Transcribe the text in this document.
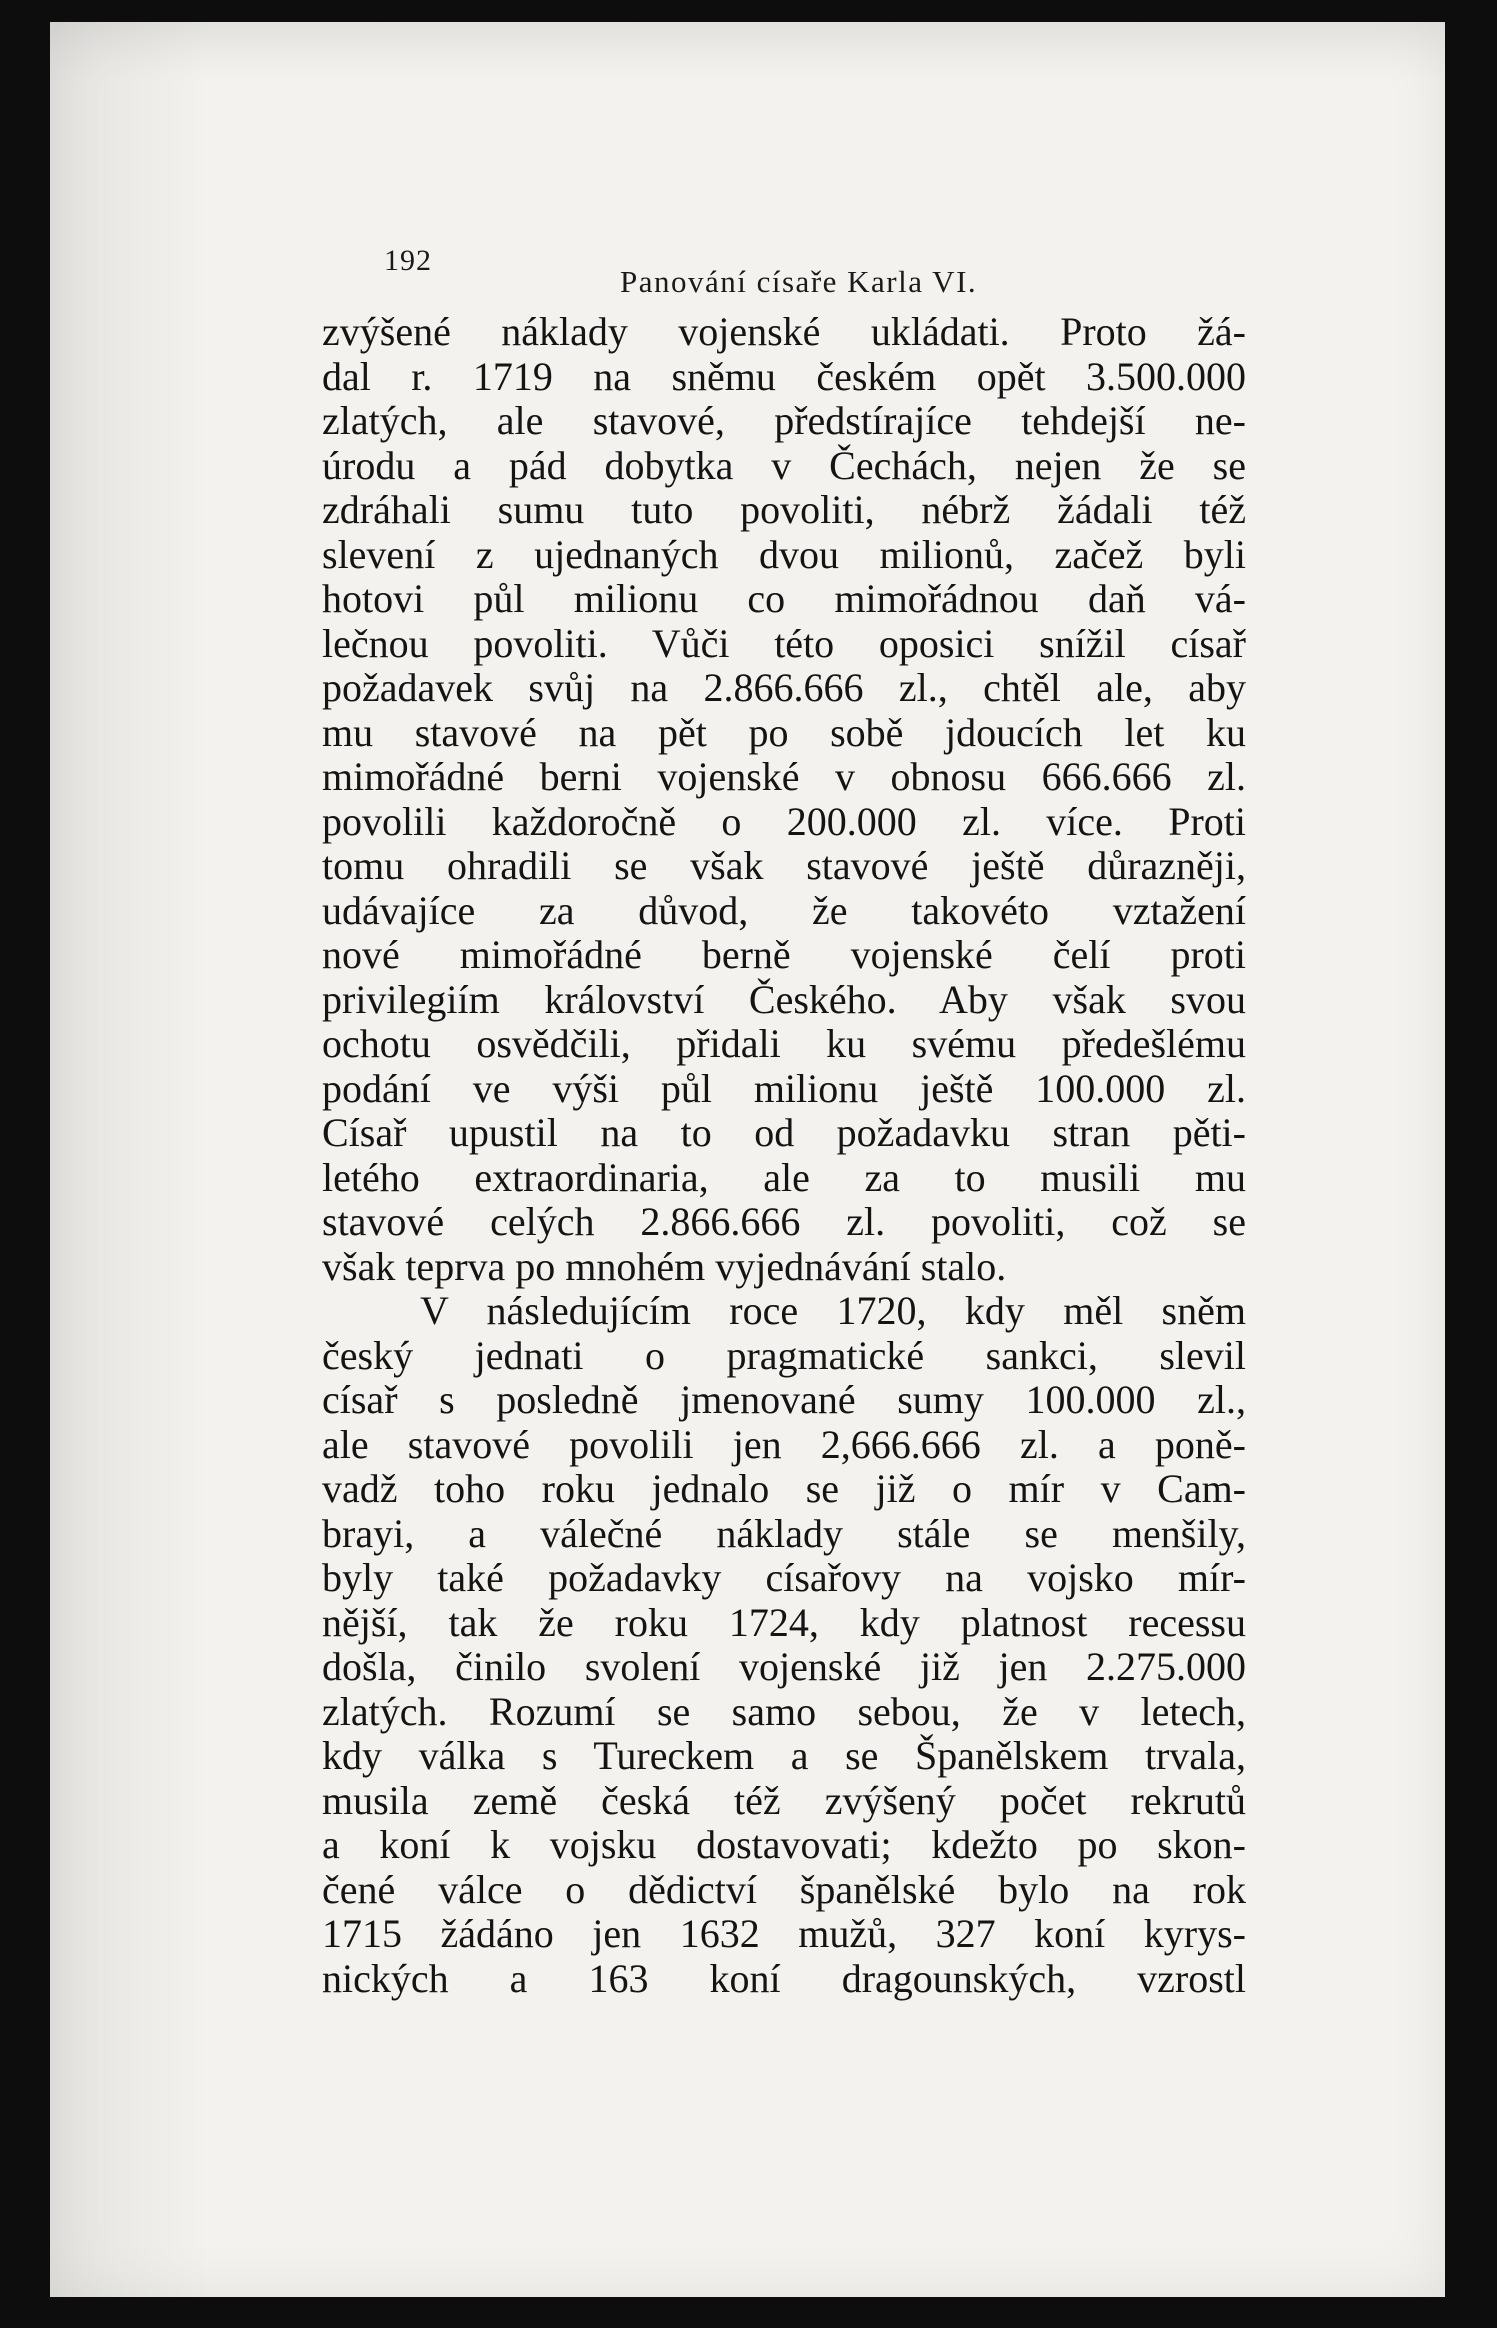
192
Panování císaře Karla VI.
zvýšené náklady vojenské ukládati. Proto žá-
dal r. 1719 na sněmu českém opět 3.500.000
zlatých, ale stavové, předstírajíce tehdejší ne-
úrodu a pád dobytka v Čechách, nejen že se
zdráhali sumu tuto povoliti, nébrž žádali též
slevení z ujednaných dvou milionů, začež byli
hotovi půl milionu co mimořádnou daň vá-
lečnou povoliti. Vůči této oposici snížil císař
požadavek svůj na 2.866.666 zl., chtěl ale, aby
mu stavové na pět po sobě jdoucích let ku
mimořádné berni vojenské v obnosu 666.666 zl.
povolili každoročně o 200.000 zl. více. Proti
tomu ohradili se však stavové ještě důrazněji,
udávajíce za důvod, že takovéto vztažení
nové mimořádné berně vojenské čelí proti
privilegiím království Českého. Aby však svou
ochotu osvědčili, přidali ku svému předešlému
podání ve výši půl milionu ještě 100.000 zl.
Císař upustil na to od požadavku stran pěti-
letého extraordinaria, ale za to musili mu
stavové celých 2.866.666 zl. povoliti, což se
však teprva po mnohém vyjednávání stalo.
V následujícím roce 1720, kdy měl sněm
český jednati o pragmatické sankci, slevil
císař s posledně jmenované sumy 100.000 zl.,
ale stavové povolili jen 2,666.666 zl. a poně-
vadž toho roku jednalo se již o mír v Cam-
brayi, a válečné náklady stále se menšily,
byly také požadavky císařovy na vojsko mír-
nější, tak že roku 1724, kdy platnost recessu
došla, činilo svolení vojenské již jen 2.275.000
zlatých. Rozumí se samo sebou, že v letech,
kdy válka s Tureckem a se Španělskem trvala,
musila země česká též zvýšený počet rekrutů
a koní k vojsku dostavovati; kdežto po skon-
čené válce o dědictví španělské bylo na rok
1715 žádáno jen 1632 mužů, 327 koní kyrys-
nických a 163 koní dragounských, vzrostl
